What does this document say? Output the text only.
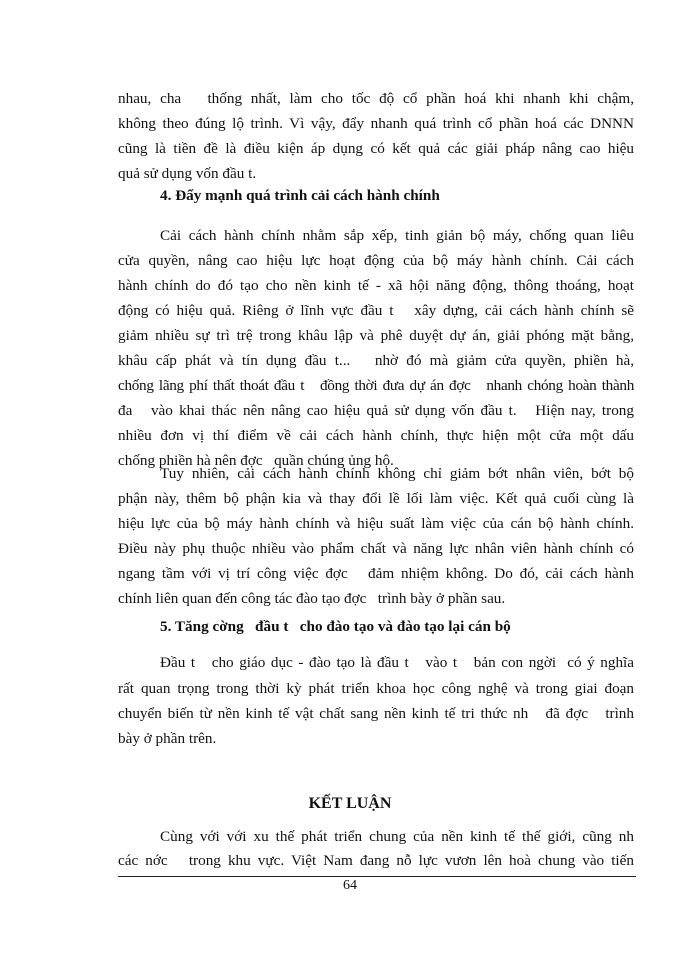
nhau, cha   thống nhất, làm cho tốc độ cổ phần hoá khi nhanh khi chậm,
không theo đúng lộ trình. Vì vậy, đẩy nhanh quá trình cổ phần hoá các DNNN
cũng là tiền đề là điều kiện áp dụng có kết quả các giải pháp nâng cao hiệu
quả sử dụng vốn đầu t.
4. Đẩy mạnh quá trình cải cách hành chính
Cải cách hành chính nhằm sắp xếp, tinh giản bộ máy, chống quan liêu
cửa quyền, nâng cao hiệu lực hoạt động của bộ máy hành chính. Cải cách
hành chính do đó tạo cho nền kinh tế - xã hội năng động, thông thoáng, hoạt
động có hiệu quả. Riêng ở lĩnh vực đầu t   xây dựng, cải cách hành chính sẽ
giảm nhiều sự trì trệ trong khâu lập và phê duyệt dự án, giải phóng mặt bằng,
khâu cấp phát và tín dụng đầu t...   nhờ đó mà giảm cửa quyền, phiền hà,
chống lãng phí thất thoát đầu t   đồng thời đưa dự án đợc   nhanh chóng hoàn thành
đa   vào khai thác nên nâng cao hiệu quả sử dụng vốn đầu t.   Hiện nay, trong
nhiều đơn vị thí điểm về cải cách hành chính, thực hiện một cửa một dấu
chống phiền hà nên đợc   quần chúng ủng hộ.
Tuy nhiên, cải cách hành chính không chỉ giảm bớt nhân viên, bớt bộ
phận này, thêm bộ phận kia và thay đổi lề lối làm việc. Kết quả cuối cùng là
hiệu lực của bộ máy hành chính và hiệu suất làm việc của cán bộ hành chính.
Điều này phụ thuộc nhiều vào phẩm chất và năng lực nhân viên hành chính có
ngang tầm với vị trí công việc đợc   đảm nhiệm không. Do đó, cải cách hành
chính liên quan đến công tác đào tạo đợc   trình bày ở phần sau.
5. Tăng cờng   đầu t   cho đào tạo và đào tạo lại cán bộ
Đầu t   cho giáo dục - đào tạo là đầu t   vào t   bản con ngời  có ý nghĩa
rất quan trọng trong thời kỳ phát triển khoa học công nghệ và trong giai đoạn
chuyển biến từ nền kinh tế vật chất sang nền kinh tế tri thức nh   đã đợc   trình
bày ở phần trên.
KẾT LUẬN
Cùng với với xu thế phát triển chung của nền kinh tế thế giới, cũng nh
các nớc   trong khu vực. Việt Nam đang nỗ lực vươn lên hoà chung vào tiến
64
